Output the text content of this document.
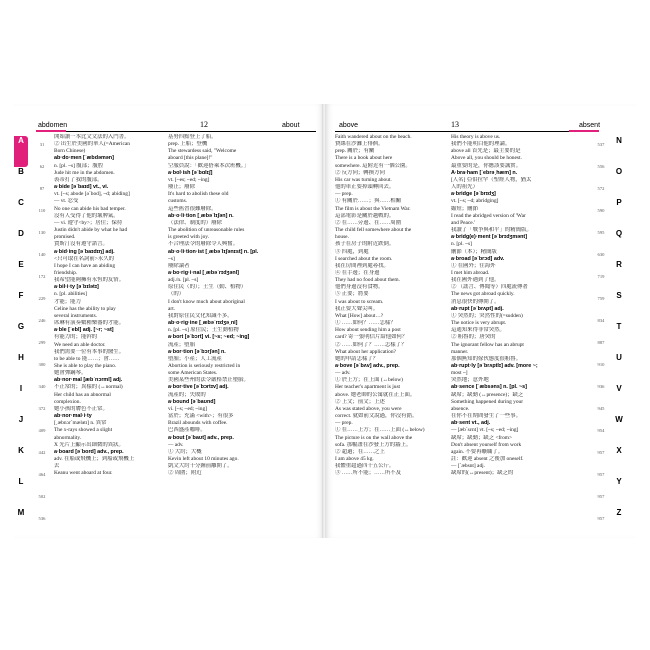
abdomen	12	about
A
B
C
D
E
F
G
H
I
J
K
L
M
31
62
87
110
130
140
172
229
246
299
300
340
372
409
442
464
502
536
開始讀一本比文文法的入門書。
② 出生於美國的華人(=American
Born Chinese)
ab·do·men [ˋæbdəmən]
n. [pl. ~s] 腹部；腹腔
Jude hit me in the abdomen.
裘蒂打了我的腹部。
a·bide [əˋbaɪd] vt., vi.
vt. [~s; abode [əˋbod], ~d; abiding]
— vt. 忍受
No one can abide his bad temper.
沒有人受得了他的壞脾氣。
— vi. 遵守<by>；居住；保持
Justin didn't abide by what he had
promised.
賈斯汀沒有遵守諾言。
a·bid·ing [əˋbaɪdɪŋ] adj.
<只可取在名詞前>永久的
I hope I can have an abiding
friendship.
我希望能夠擁有永恆的友情。
a·bil·i·ty [əˋbɪlətɪ]
n. [pl. abilities]
才能；能力
Celine has the ability to play
several instruments.
席琳有演奏數種樂器的才能。
a·ble [ˋebl] adj. [~r; ~st]
有能力的；能幹的
We need an able doctor.
我們需要一位有本事的醫生。
to be able to 能……；會……
She is able to play the piano.
她會彈鋼琴。
ab·nor·mal [æbˋnɔrml] adj.
不正常的；異樣的 (↔normal)
Her child has an abnormal
complexion.
她小孩的膚色不正常。
ab·nor·mal·i·ty
[ˏæbnɔrˋmælətɪ] n. 異常
The x-rays showed a slight
abnormality.
X 光片上顯示出細微的異狀。
a·board [əˋbord] adv., prep.
adv. 在船或飛機上；到船或飛機上
去
Keanu went aboard at four.
基努四點登上了船。
prep. 上船；登機
The stewardess said, "Welcome
aboard [this plane]!"
空服員說：「歡迎搭乘本次班機。」
a·bol·ish [əˋbɑlɪʃ]
vt. [~es; ~ed; ~ing]
廢止；廢除
It's hard to abolish these old
customs.
這些舊習很難廢除。
ab·o·li·tion [ˏæbəˋlɪʃən] n.
（法律、制度的）廢除
The abolition of unreasonable rules
is greeted with joy.
不合理法令的廢除令人興奮。
ab·o·li·tion·ist [ˏæbəˋlɪʃənɪst] n. [pl.
~s]
廢除論者
a·bo·rig·i·nal [ˏæbəˋrɪdʒənl]
adj./n. [pl. ~s]
原住民（的）；土生（動、植物）
（的）
I don't know much about aboriginal
art.
我對原住民文化知識不多。
ab·o·rig·ine [ˏæbəˋrɪdʒəˏni]
n. [pl. ~s] 原住民；土生動植物
a·bort [əˋbɔrt] vi. [~s; ~ed; ~ing]
流產；墮胎
a·bor·tion [əˋbɔrʃən] n.
墮胎；小產；人工流產
Abortion is seriously restricted in
some American States.
美國某些州的法令嚴格禁止墮胎。
a·bor·tive [əˋbɔrtɪv] adj.
流產的；失敗的
a·bound [əˋbaʊnd]
vi. [~s; ~ed; ~ing]
富於；充滿 <with>；有很多
Brazil abounds with coffee.
巴西盛產咖啡。
a·bout [əˋbaʊt] adv., prep.
— adv.
① 大約；大概
Kevin left about 10 minutes ago.
凱文大約十分鐘前離開了。
② 周圍；附近
above	13	absent
Faith wandered about on the beach.
費絲在沙灘上徘徊。
prep. 關於；有關
There is a book about here
somewhere. 這附近有一個公園。
② 反方向；轉換方向
His car was turning about.
他的車正要掉頭轉回去。
— prep.
① 有關於……；與……相關
The film is about the Vietnam War.
這部電影是關於越戰的。
② 在……旁邊、在……周圍
The child fell somewhere about the
house.
孩子在房子的附近跌倒。
③ 四處，到處
I searched about the room.
我在房間裡到處尋找。
④ 在手邊；在身邊
They had no food about them.
他們身邊沒有食物。
⑤ 正要；將要
I was about to scream.
我正要大聲尖叫。
What [How] about…?
① ……如何？……怎樣？
How about sending him a post
card? 寄一張明信片給他如何？
② ……如何了？……怎樣了？
What about her application?
她的申請怎樣了？
a·bove [əˋbʌv] adv., prep.
— adv.
① 於上方；在上面 (↔below)
Her teacher's apartment is just
above. 她老師的公寓就在正上面。
② 上文；前文；上述
As was stated above, you were
correct. 就如前文說過，你沒有錯。
— prep.
① 在……上方；在……上面 (↔below)
The picture is on the wall above the
sofa. 那幅畫在沙發上方的牆上。
② 超過；在……之上
I am above 45 kg.
我體重超過四十五公斤。
③ ……所不能；……所不及
His theory is above us.
我們不能明白他的理論。
above all 首先是；最主要的是
Above all, you should be honest.
最重要的是，你應該要誠實。
A·bra·ham [ˋebrəˏhæm] n.
[人名] 亞伯拉罕（聖經人物，猶太
人的祖先）
a·bridge [əˋbrɪdʒ]
vt. [~s; ~d; abridging]
縮短；刪節
I read the abridged version of 'War
and Peace.'
我讀了「戰爭與和平」的精簡版。
a·bridg(e)·ment [əˋbrɪdʒmənt]
n. [pl. ~s]
刪節（本）；精簡版
a·broad [əˋbrɔd] adv.
① 在國外；往海外
I met him abroad.
我在國外遇到了他。
② （謠言、傳聞等）四處流傳著
The news got abroad quickly.
消息很快的傳開了。
ab·rupt [əˋbrʌpt] adj.
① 突然的；突然性的(=sudden)
The notice is very abrupt.
這通知來得非常突然。
② 粗魯的；唐突的
The ignorant fellow has an abrupt
manner.
那個無知的傢伙態度很粗魯。
ab·rupt·ly [əˋbrʌptlɪ] adv. [more ~;
most ~]
突然地；意外地
ab·sence [ˋæbsəns] n. [pl. ~s]
缺席；缺勤 (↔presence)；缺乏
Something happened during your
absence.
在你不在期間發生了一些事。
ab·sent vt., adj.
— [æbˋsɛnt] vt. [~s; ~ed; ~ing]
缺席；缺勤；缺乏 <from>
Don't absent yourself from work
again. 不要再曠職了。
註：歡迎 absent 之後加 oneself.
— [ˋæbsnt] adj.
缺席的(↔present)；缺乏的
537
556
572
590
595
630
719
759
834
887
910
936
945
954
957
957
957
957
N
O
P
Q
R
S
T
U
V
W
X
Y
Z
